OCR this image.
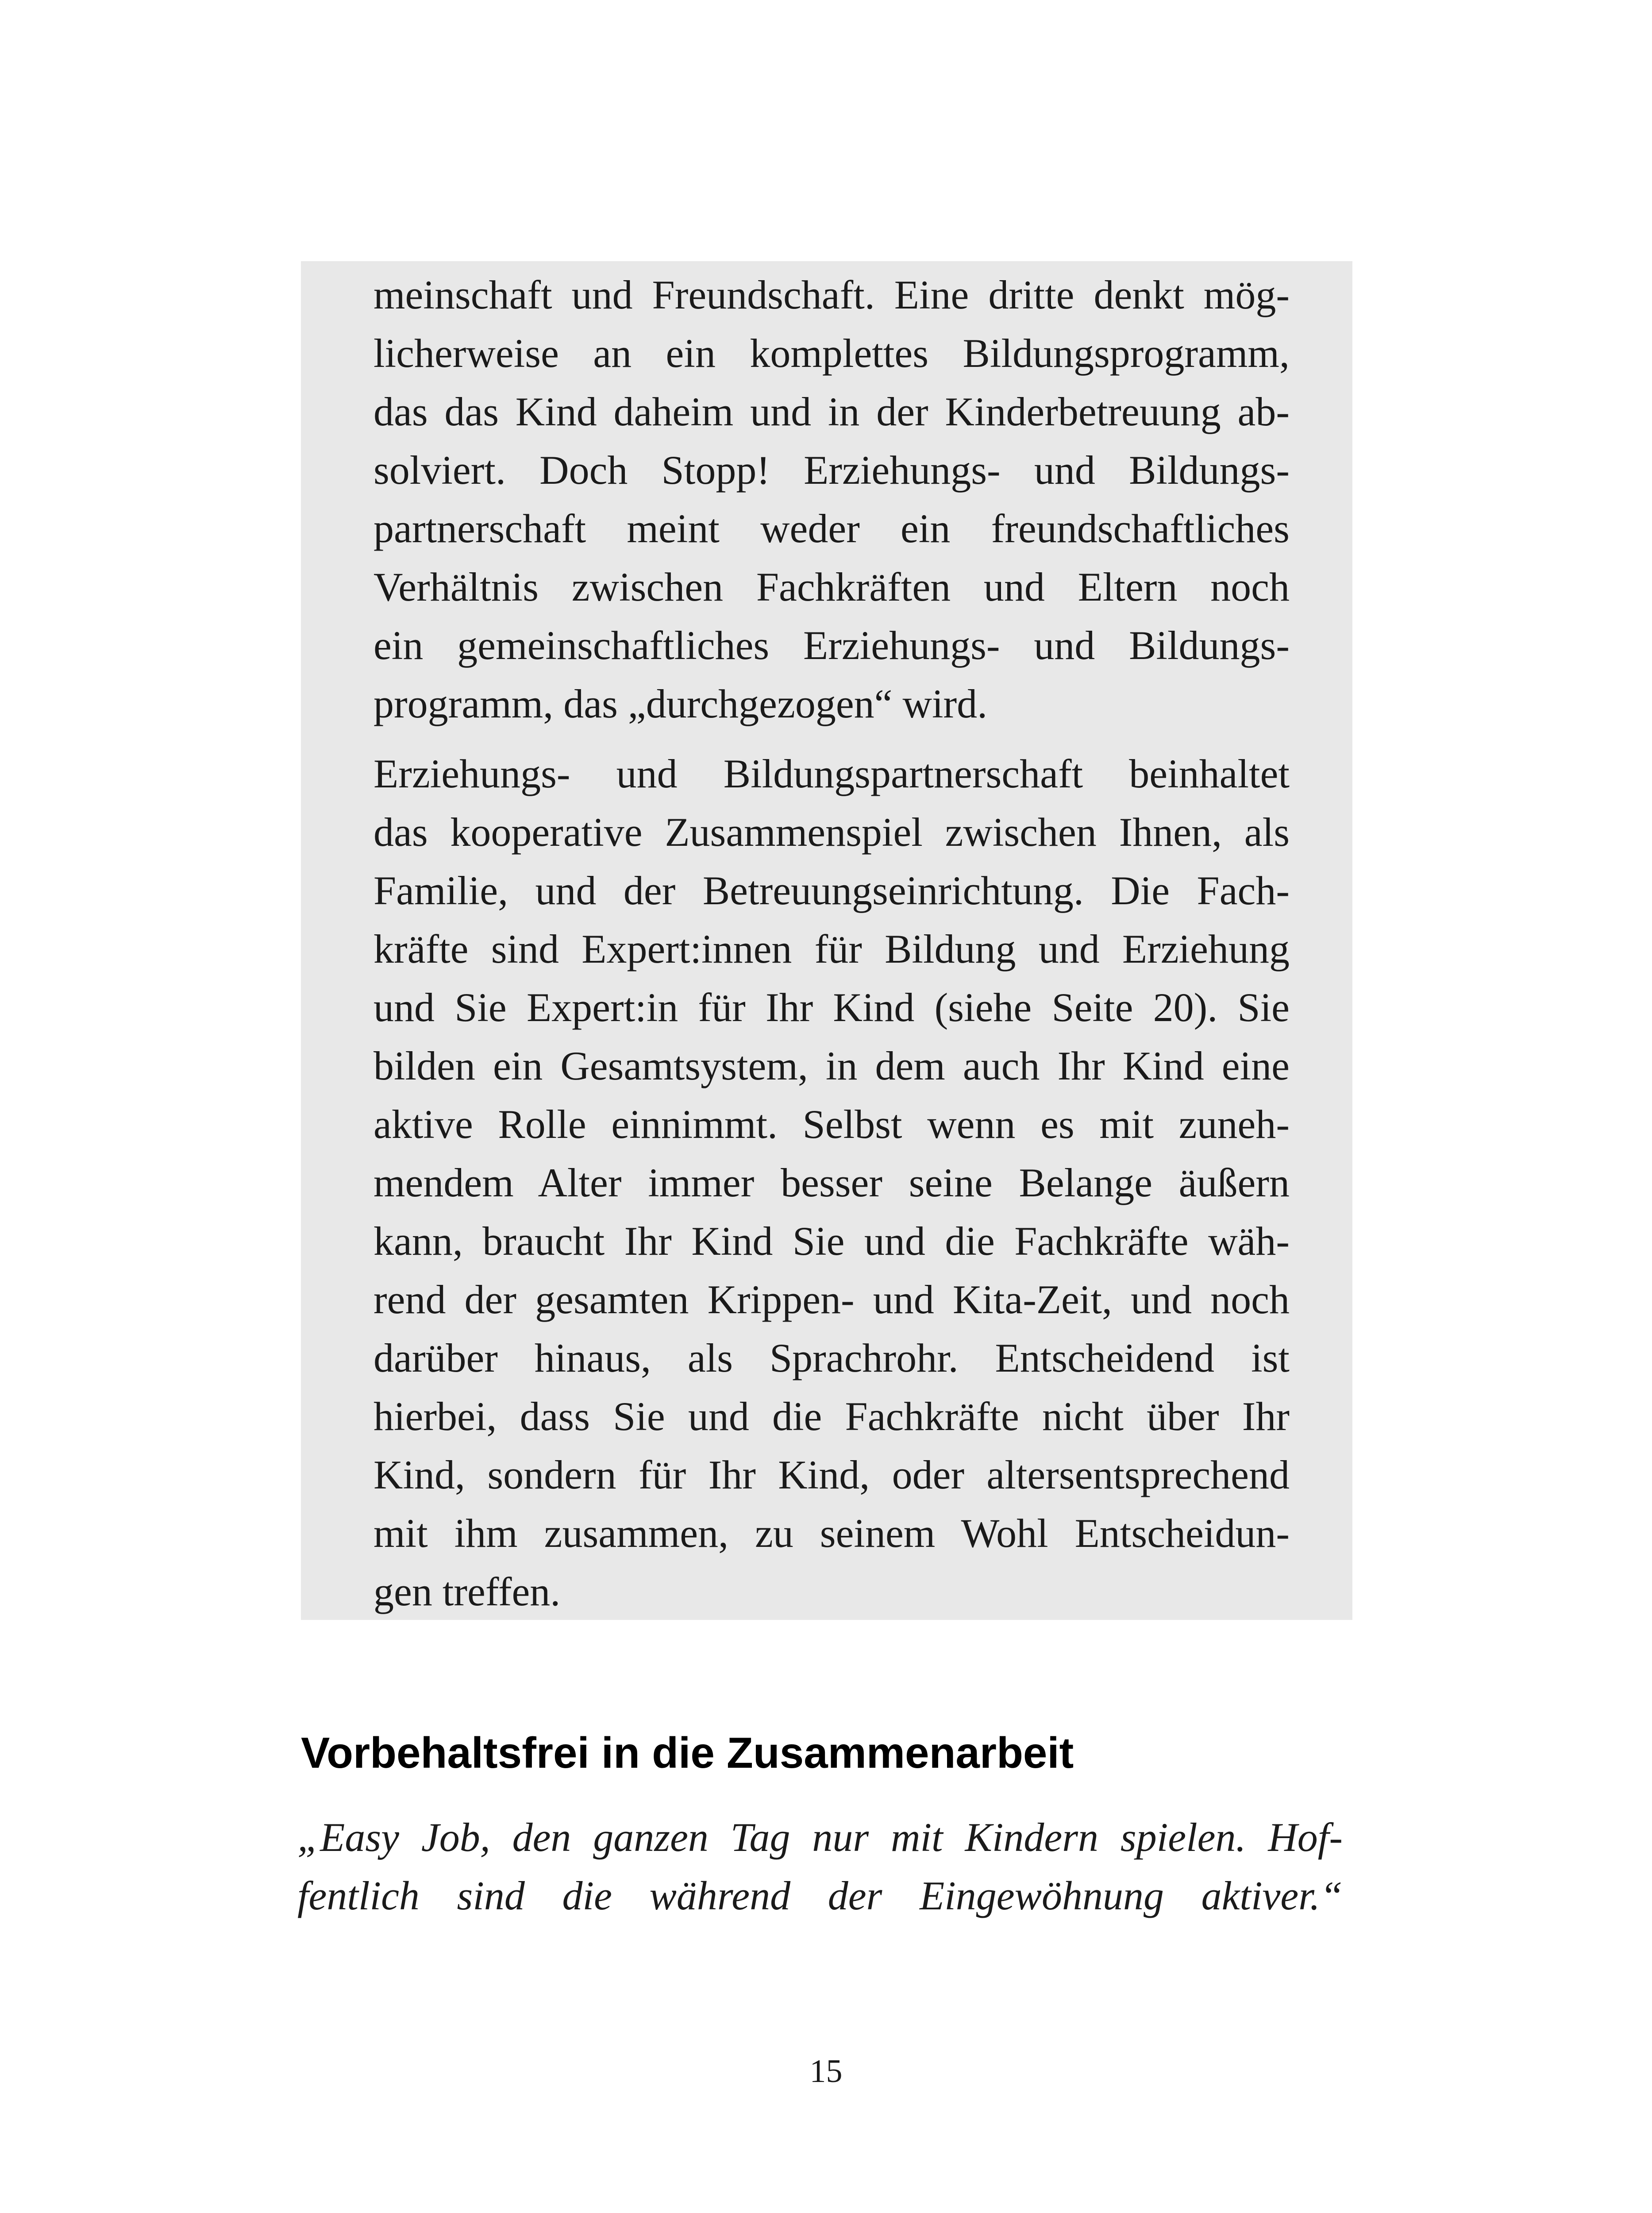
meinschaft und Freundschaft. Eine dritte denkt mög-
licherweise an ein komplettes Bildungsprogramm,
das das Kind daheim und in der Kinderbetreuung ab-
solviert. Doch Stopp! Erziehungs- und Bildungs-
partnerschaft meint weder ein freundschaftliches
Verhältnis zwischen Fachkräften und Eltern noch
ein gemeinschaftliches Erziehungs- und Bildungs-
programm, das „durchgezogen“ wird.

Erziehungs- und Bildungspartnerschaft beinhaltet
das kooperative Zusammenspiel zwischen Ihnen, als
Familie, und der Betreuungseinrichtung. Die Fach-
kräfte sind Expert:innen für Bildung und Erziehung
und Sie Expert:in für Ihr Kind (siehe Seite 20). Sie
bilden ein Gesamtsystem, in dem auch Ihr Kind eine
aktive Rolle einnimmt. Selbst wenn es mit zuneh-
mendem Alter immer besser seine Belange äußern
kann, braucht Ihr Kind Sie und die Fachkräfte wäh-
rend der gesamten Krippen- und Kita-Zeit, und noch
darüber hinaus, als Sprachrohr. Entscheidend ist
hierbei, dass Sie und die Fachkräfte nicht über Ihr
Kind, sondern für Ihr Kind, oder altersentsprechend
mit ihm zusammen, zu seinem Wohl Entscheidun-
gen treffen.

Vorbehaltsfrei in die Zusammenarbeit

„Easy Job, den ganzen Tag nur mit Kindern spielen. Hof-
fentlich sind die während der Eingewöhnung aktiver.“

15
